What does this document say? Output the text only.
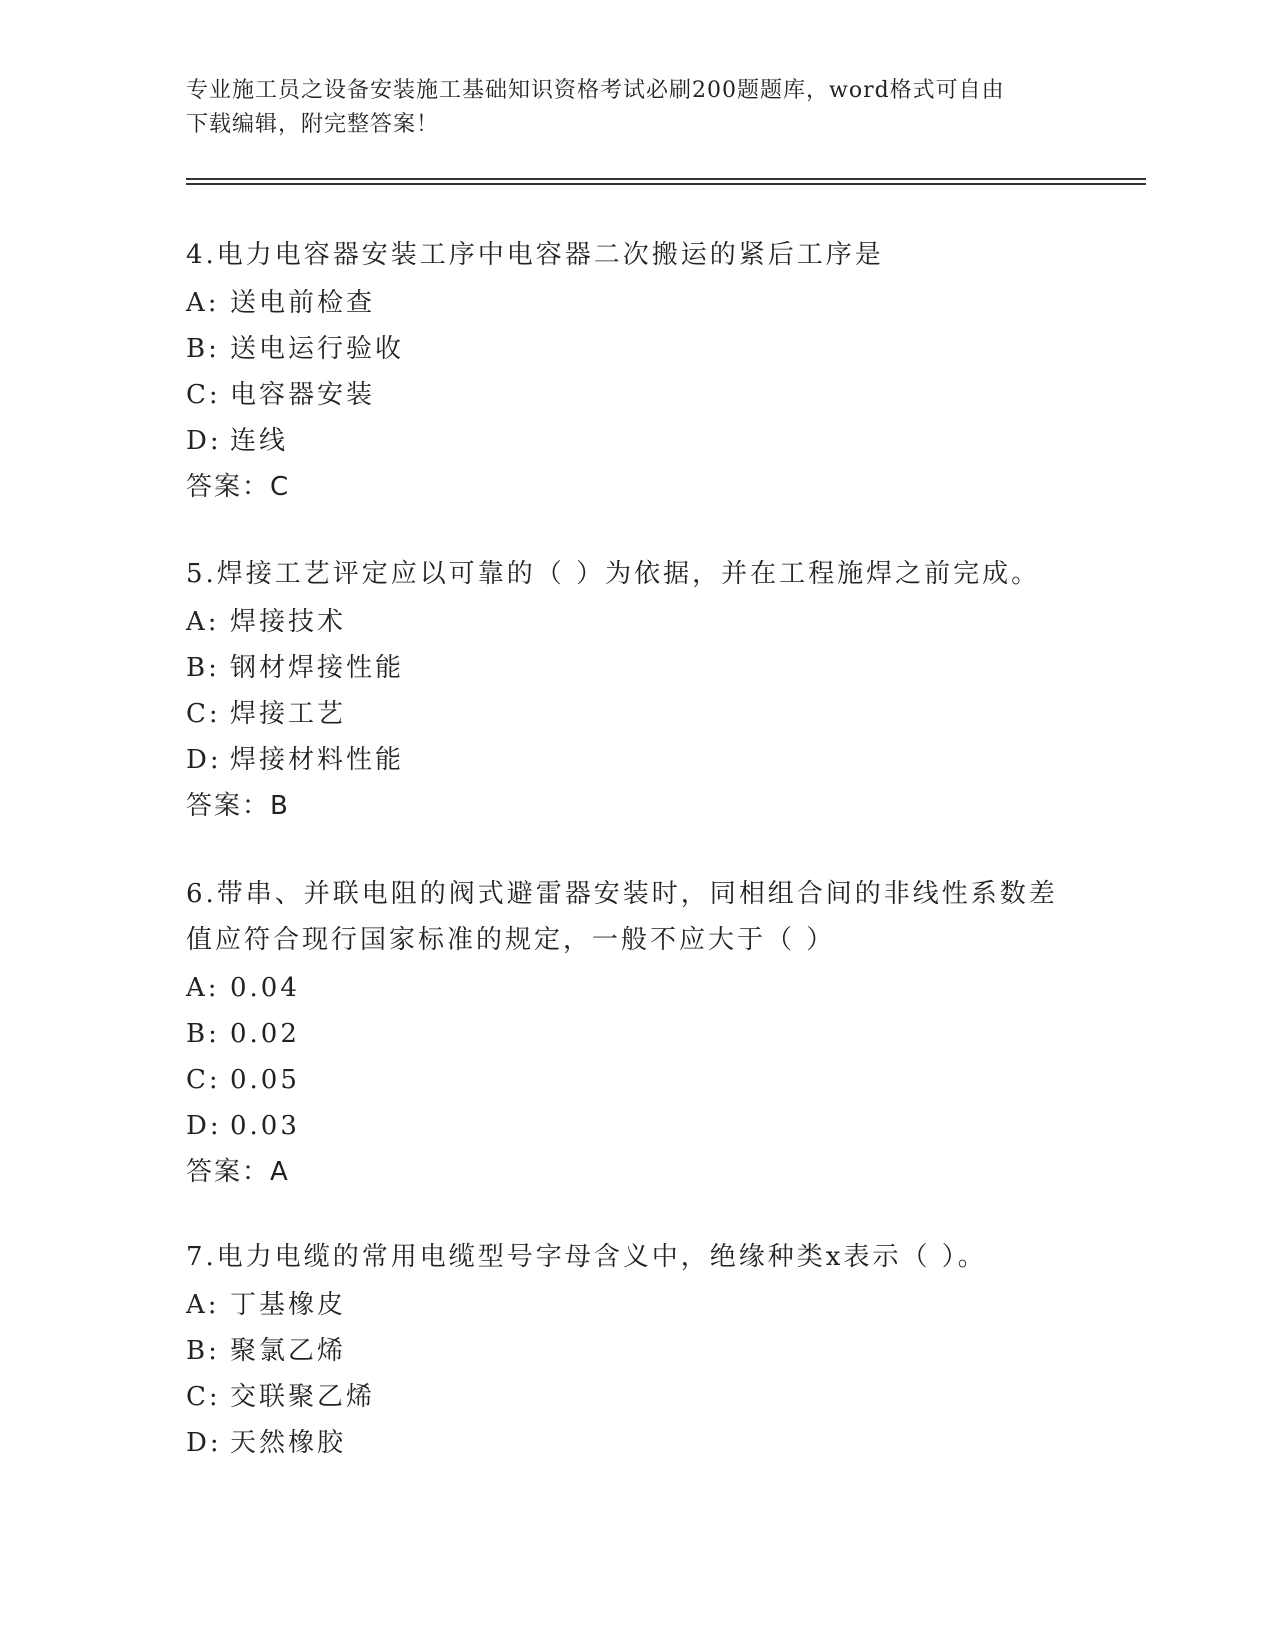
专业施工员之设备安装施工基础知识资格考试必刷200题题库，word格式可自由
下载编辑，附完整答案！
4.电力电容器安装工序中电容器二次搬运的紧后工序是
A: 送电前检查
B: 送电运行验收
C: 电容器安装
D: 连线
答案：C
5.焊接工艺评定应以可靠的（ ）为依据，并在工程施焊之前完成。
A: 焊接技术
B: 钢材焊接性能
C: 焊接工艺
D: 焊接材料性能
答案：B
6.带串、并联电阻的阀式避雷器安装时，同相组合间的非线性系数差值应符合现行国家标准的规定，一般不应大于（ ）
A: 0.04
B: 0.02
C: 0.05
D: 0.03
答案：A
7.电力电缆的常用电缆型号字母含义中，绝缘种类x表示（ ）。
A: 丁基橡皮
B: 聚氯乙烯
C: 交联聚乙烯
D: 天然橡胶
